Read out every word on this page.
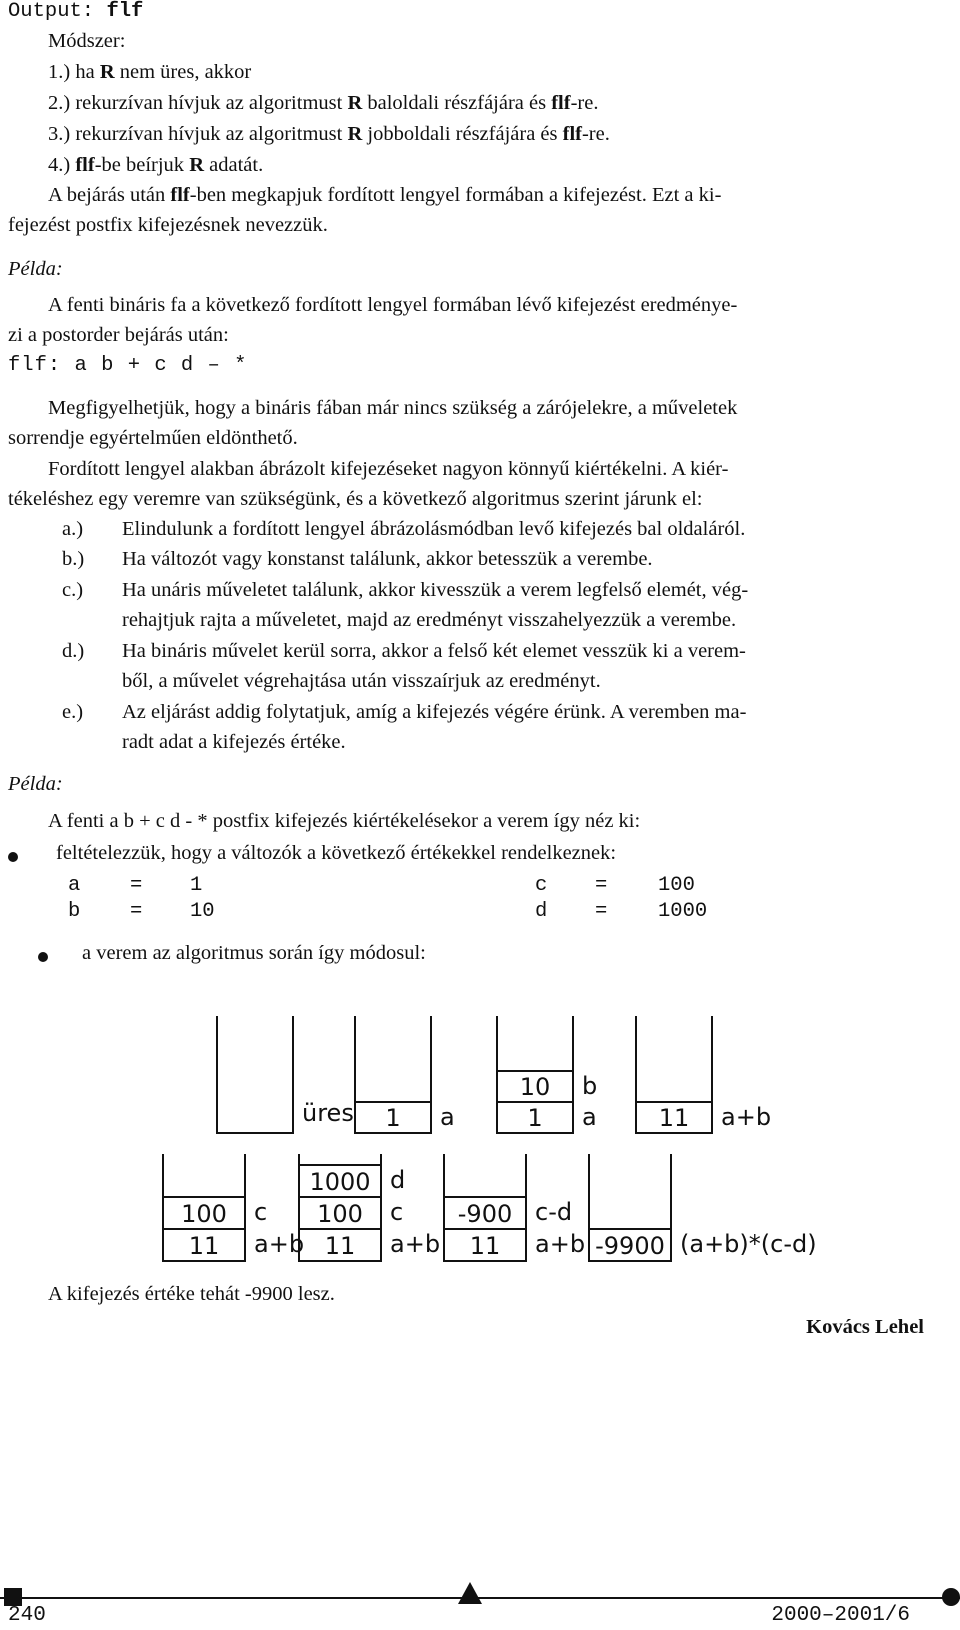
Output: flf
Módszer:
1.) ha R nem üres, akkor
2.) rekurzívan hívjuk az algoritmust R baloldali részfájára és flf-re.
3.) rekurzívan hívjuk az algoritmust R jobboldali részfájára és flf-re.
4.) flf-be beírjuk R adatát.
A bejárás után flf-ben megkapjuk fordított lengyel formában a kifejezést. Ezt a ki-
fejezést postfix kifejezésnek nevezzük.
Példa:
A fenti bináris fa a következő fordított lengyel formában lévő kifejezést eredménye-
zi a postorder bejárás után:
flf: a b + c d – *
Megfigyelhetjük, hogy a bináris fában már nincs szükség a zárójelekre, a műveletek
sorrendje egyértelműen eldönthető.
Fordított lengyel alakban ábrázolt kifejezéseket nagyon könnyű kiértékelni. A kiér-
tékeléshez egy veremre van szükségünk, és a következő algoritmus szerint járunk el:
a.) Elindulunk a fordított lengyel ábrázolásmódban levő kifejezés bal oldaláról.
b.) Ha változót vagy konstanst találunk, akkor betesszük a verembe.
c.) Ha unáris műveletet találunk, akkor kivesszük a verem legfelső elemét, vég-
rehajtjuk rajta a műveletet, majd az eredményt visszahelyezzük a verembe.
d.) Ha bináris művelet kerül sorra, akkor a felső két elemet vesszük ki a verem-
ből, a művelet végrehajtása után visszaírjuk az eredményt.
e.) Az eljárást addig folytatjuk, amíg a kifejezés végére érünk. A veremben ma-
radt adat a kifejezés értéke.
Példa:
A fenti a b + c d - * postfix kifejezés kiértékelésekor a verem így néz ki:
feltételezzük, hogy a változók a következő értékekkel rendelkeznek:
a = 1
b = 10
c = 100
d = 1000
a verem az algoritmus során így módosul:
üres	1	a
10
1
b
a	11	a+b
100
11
c
a+b
1000
100
11
d
c
a+b
-900
11
c-d
a+b -9900 (a+b)*(c-d)
A kifejezés értéke tehát -9900 lesz.
Kovács Lehel
240	2000–2001/6
